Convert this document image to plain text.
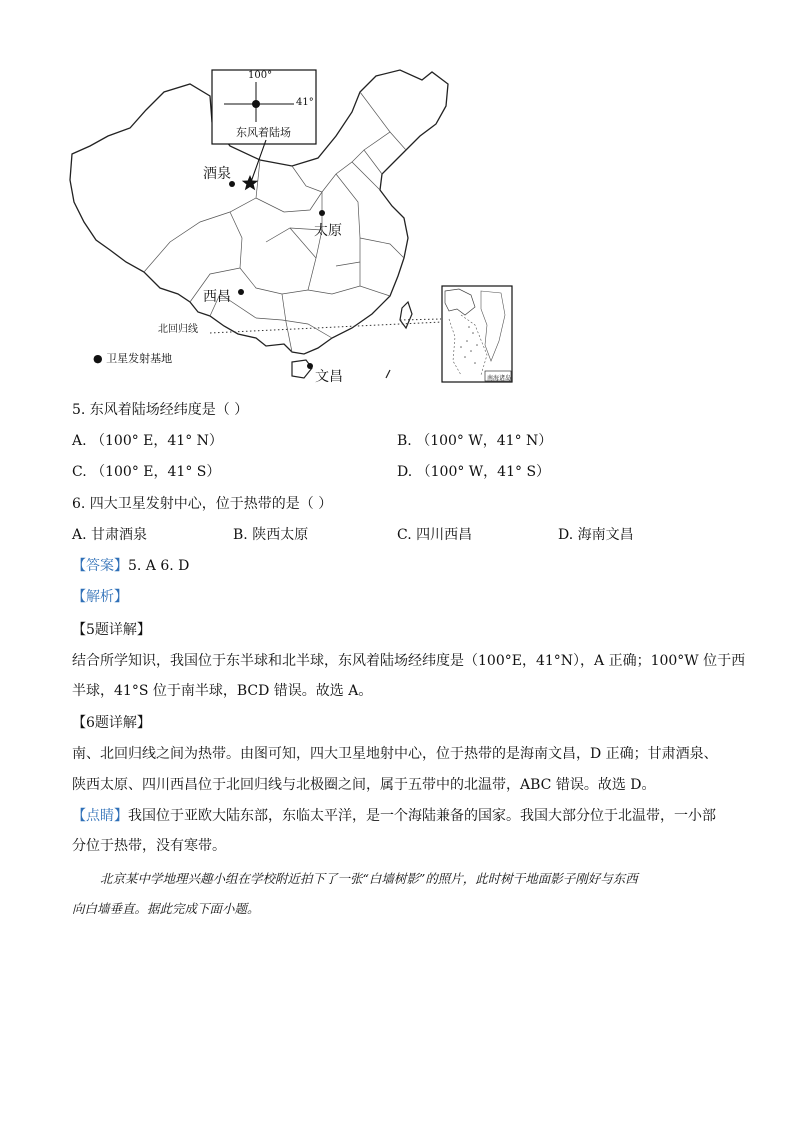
100°
41°
东风着陆场
酒泉
太原
西昌
文昌
北回归线
● 卫星发射基地
南海诸岛
5. 东风着陆场经纬度是（ ）
A. （100° E，41° N）	B. （100° W，41° N）
C. （100° E，41° S）	D. （100° W，41° S）
6. 四大卫星发射中心，位于热带的是（ ）
A. 甘肃酒泉	B. 陕西太原	C. 四川西昌	D. 海南文昌
【答案】5. A 6. D
【解析】
【5题详解】
结合所学知识，我国位于东半球和北半球，东风着陆场经纬度是（100°E，41°N），A 正确；100°W 位于西
半球，41°S 位于南半球，BCD 错误。故选 A。
【6题详解】
南、北回归线之间为热带。由图可知，四大卫星地射中心，位于热带的是海南文昌，D 正确；甘肃酒泉、
陕西太原、四川西昌位于北回归线与北极圈之间，属于五带中的北温带，ABC 错误。故选 D。
【点睛】我国位于亚欧大陆东部，东临太平洋，是一个海陆兼备的国家。我国大部分位于北温带，一小部
分位于热带，没有寒带。
北京某中学地理兴趣小组在学校附近拍下了一张“白墙树影”的照片，此时树干地面影子刚好与东西
向白墙垂直。据此完成下面小题。
